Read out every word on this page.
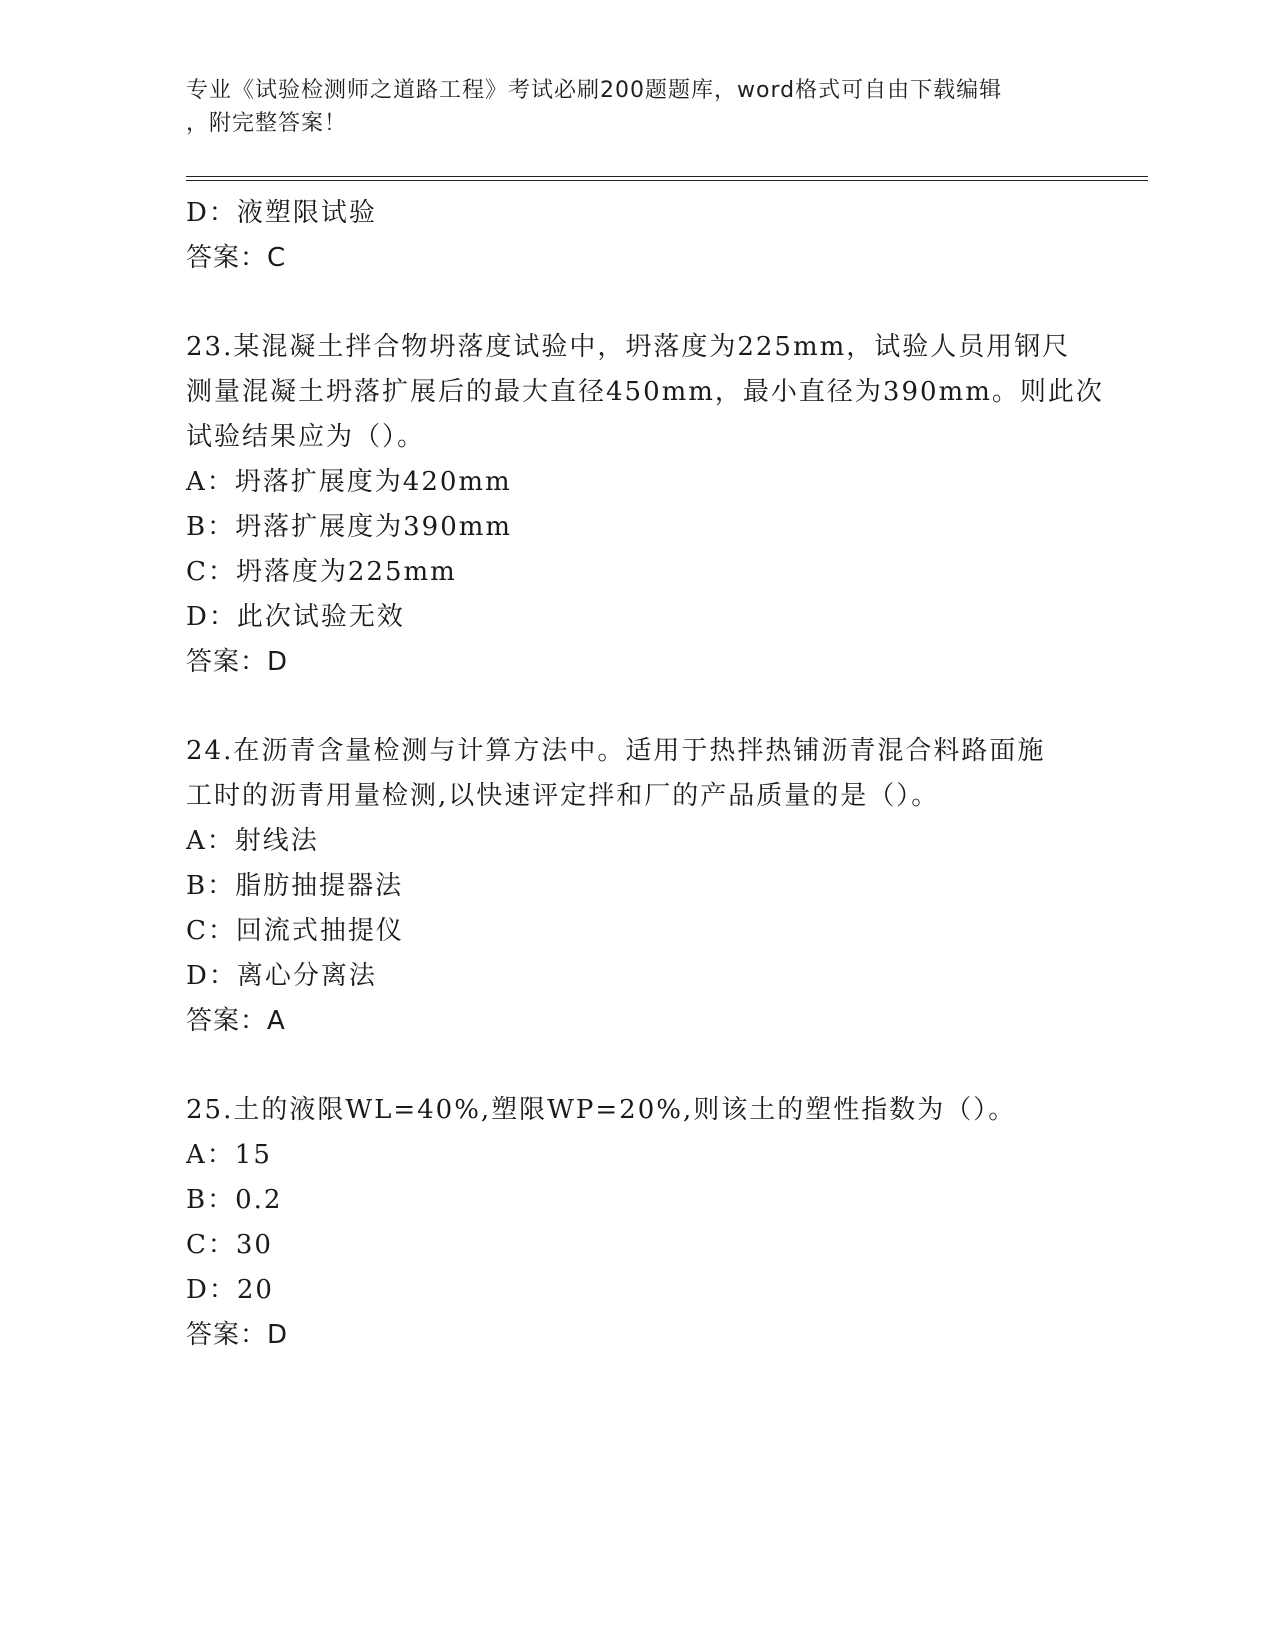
专业《试验检测师之道路工程》考试必刷200题题库，word格式可自由下载编辑
，附完整答案！
D：液塑限试验
答案：C
23.某混凝土拌合物坍落度试验中，坍落度为225mm，试验人员用钢尺
测量混凝土坍落扩展后的最大直径450mm，最小直径为390mm。则此次
试验结果应为（）。
A：坍落扩展度为420mm
B：坍落扩展度为390mm
C：坍落度为225mm
D：此次试验无效
答案：D
24.在沥青含量检测与计算方法中。适用于热拌热铺沥青混合料路面施
工时的沥青用量检测,以快速评定拌和厂的产品质量的是（）。
A：射线法
B：脂肪抽提器法
C：回流式抽提仪
D：离心分离法
答案：A
25.土的液限WL=40%,塑限WP=20%,则该土的塑性指数为（）。
A：15
B：0.2
C：30
D：20
答案：D
